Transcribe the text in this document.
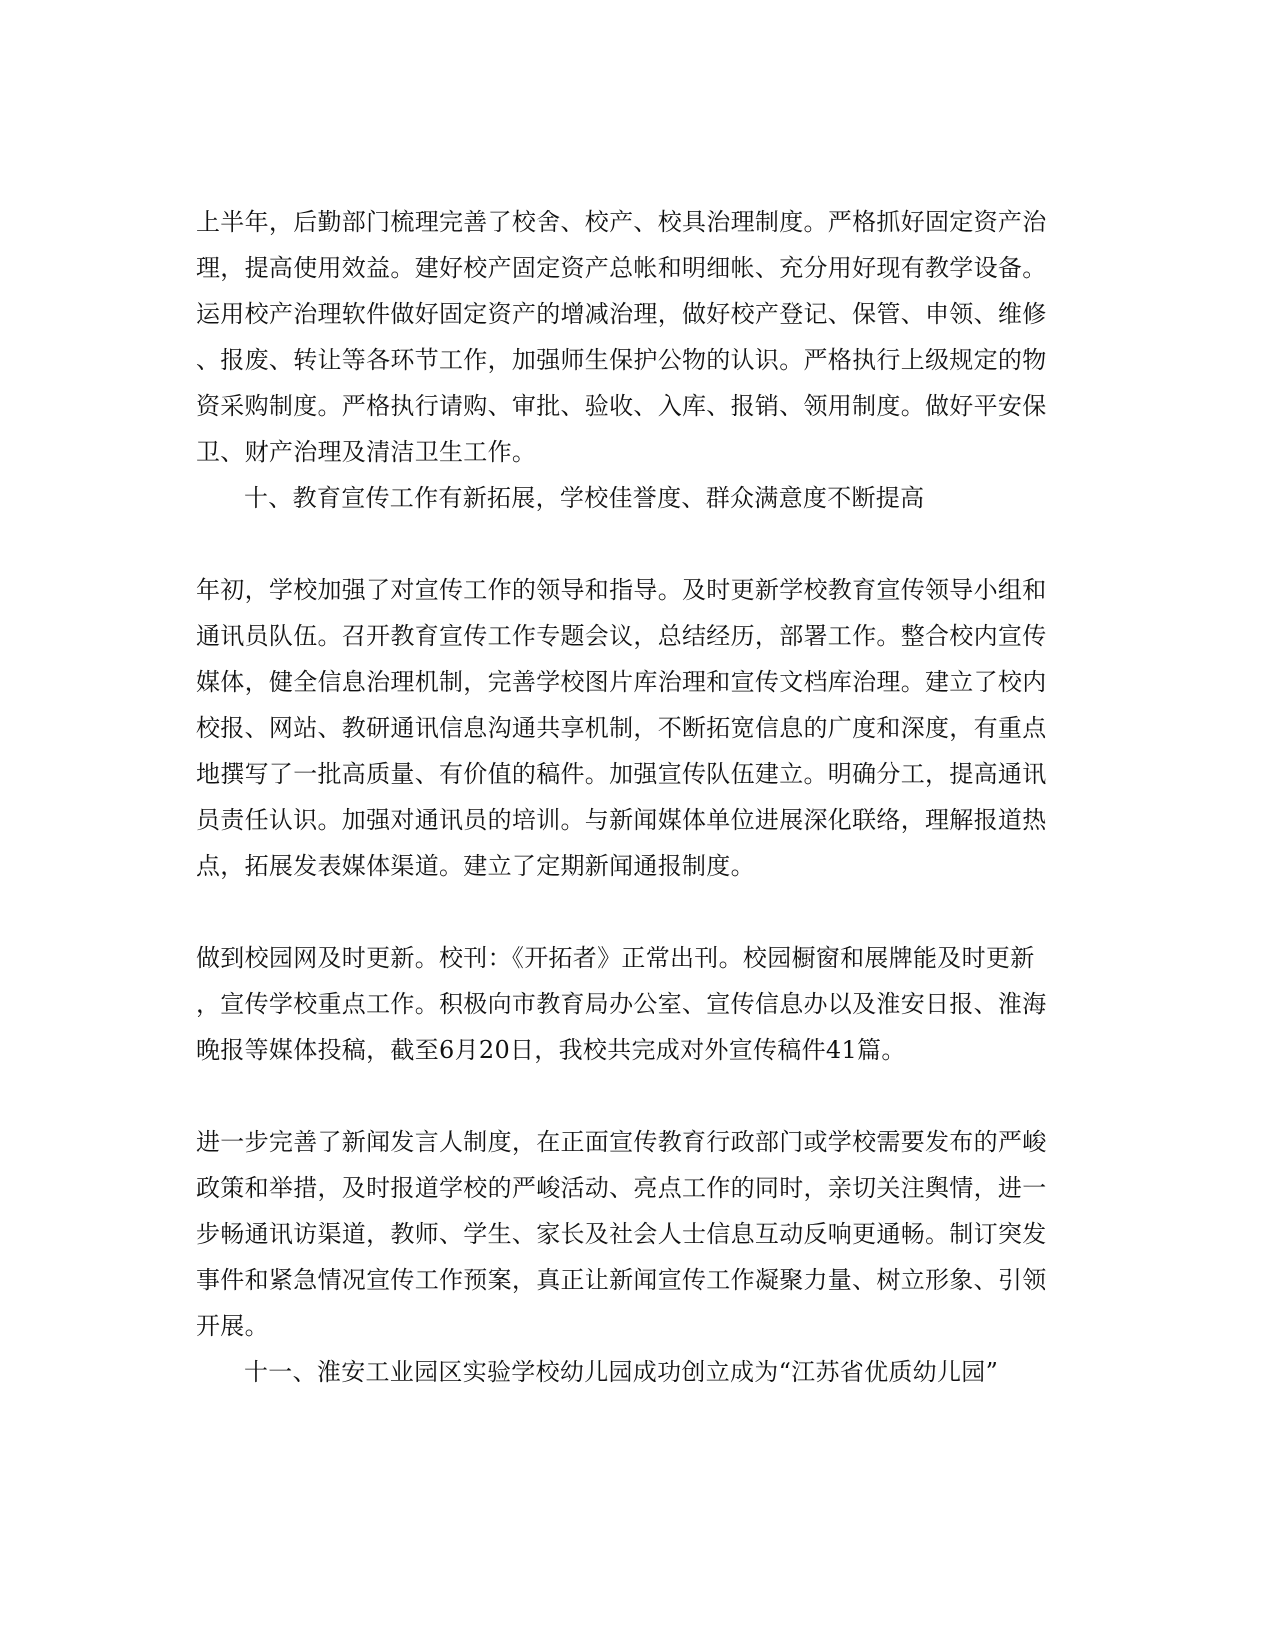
上半年，后勤部门梳理完善了校舍、校产、校具治理制度。严格抓好固定资产治
理，提高使用效益。建好校产固定资产总帐和明细帐、充分用好现有教学设备。
运用校产治理软件做好固定资产的增减治理，做好校产登记、保管、申领、维修
、报废、转让等各环节工作，加强师生保护公物的认识。严格执行上级规定的物
资采购制度。严格执行请购、审批、验收、入库、报销、领用制度。做好平安保
卫、财产治理及清洁卫生工作。
十、教育宣传工作有新拓展，学校佳誉度、群众满意度不断提高
年初，学校加强了对宣传工作的领导和指导。及时更新学校教育宣传领导小组和
通讯员队伍。召开教育宣传工作专题会议，总结经历，部署工作。整合校内宣传
媒体，健全信息治理机制，完善学校图片库治理和宣传文档库治理。建立了校内
校报、网站、教研通讯信息沟通共享机制，不断拓宽信息的广度和深度，有重点
地撰写了一批高质量、有价值的稿件。加强宣传队伍建立。明确分工，提高通讯
员责任认识。加强对通讯员的培训。与新闻媒体单位进展深化联络，理解报道热
点，拓展发表媒体渠道。建立了定期新闻通报制度。
做到校园网及时更新。校刊：《开拓者》正常出刊。校园橱窗和展牌能及时更新
，宣传学校重点工作。积极向市教育局办公室、宣传信息办以及淮安日报、淮海
晚报等媒体投稿，截至6月20日，我校共完成对外宣传稿件41篇。
进一步完善了新闻发言人制度，在正面宣传教育行政部门或学校需要发布的严峻
政策和举措，及时报道学校的严峻活动、亮点工作的同时，亲切关注舆情，进一
步畅通讯访渠道，教师、学生、家长及社会人士信息互动反响更通畅。制订突发
事件和紧急情况宣传工作预案，真正让新闻宣传工作凝聚力量、树立形象、引领
开展。
十一、淮安工业园区实验学校幼儿园成功创立成为“江苏省优质幼儿园”
